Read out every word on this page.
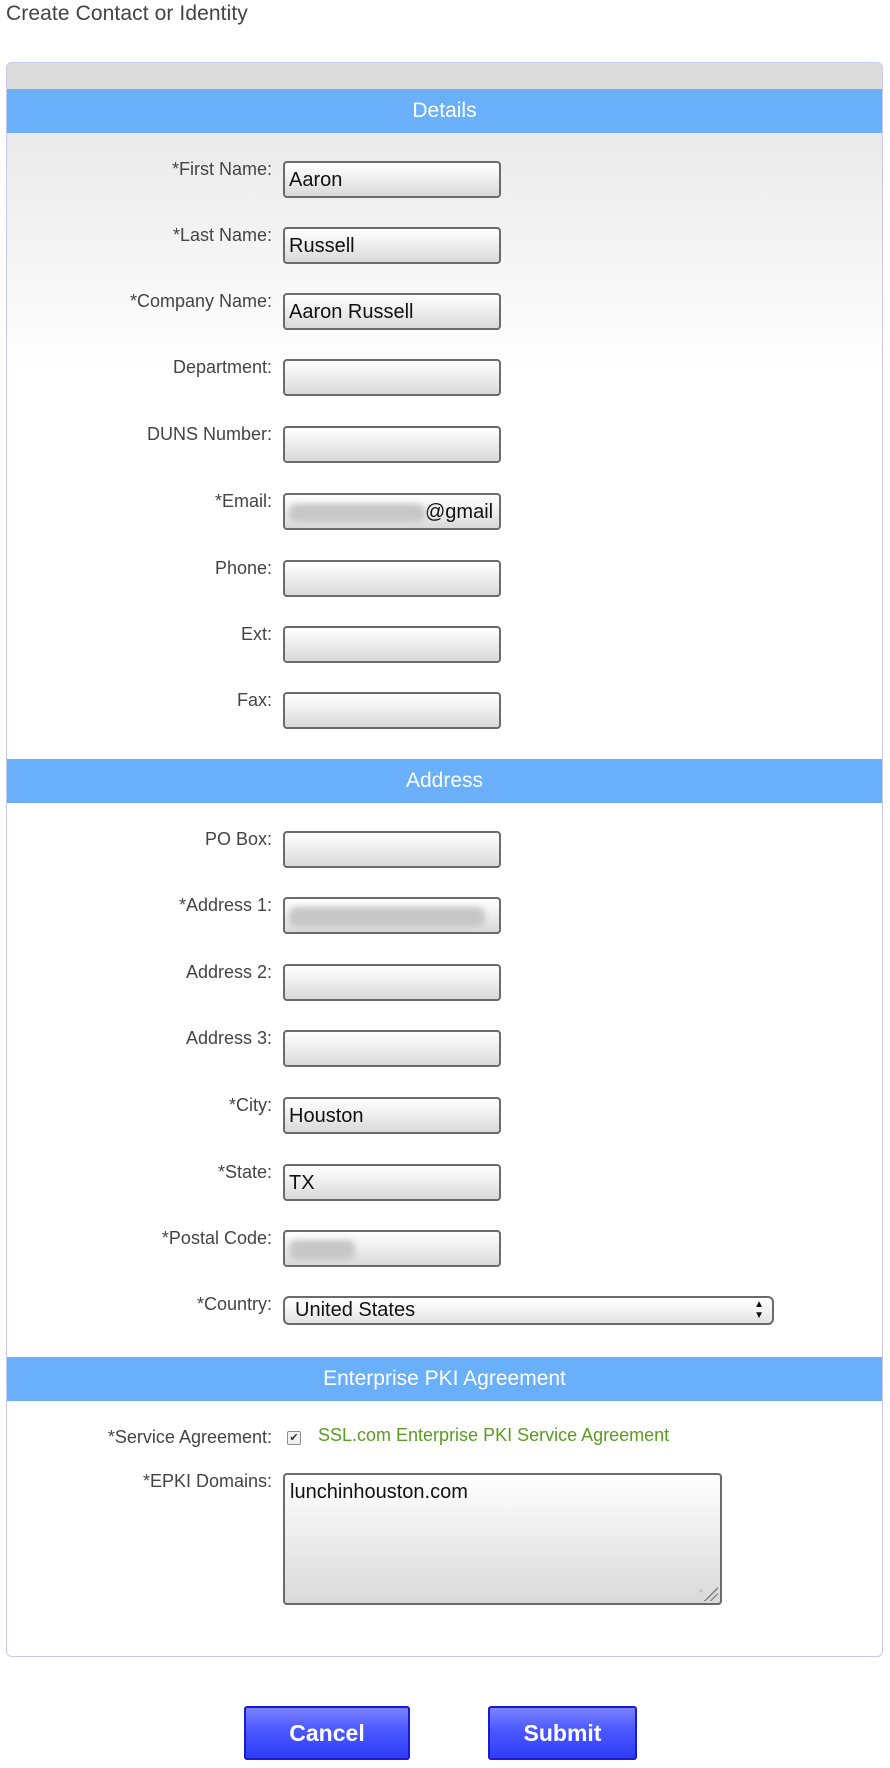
Create Contact or Identity
Details
*First Name: Aaron
*Last Name: Russell
*Company Name: Aaron Russell
Department:
DUNS Number:
*Email:	@gmail
Phone:
Ext:
Fax:
Address
PO Box:
*Address 1:
Address 2:
Address 3:
*City: Houston
*State: TX
*Postal Code:
*Country:	United States	▲
▼
Enterprise PKI Agreement
*Service Agreement: ✔ SSL.com Enterprise PKI Service Agreement
*EPKI Domains: lunchinhouston.com
◔
Cancel	Submit
